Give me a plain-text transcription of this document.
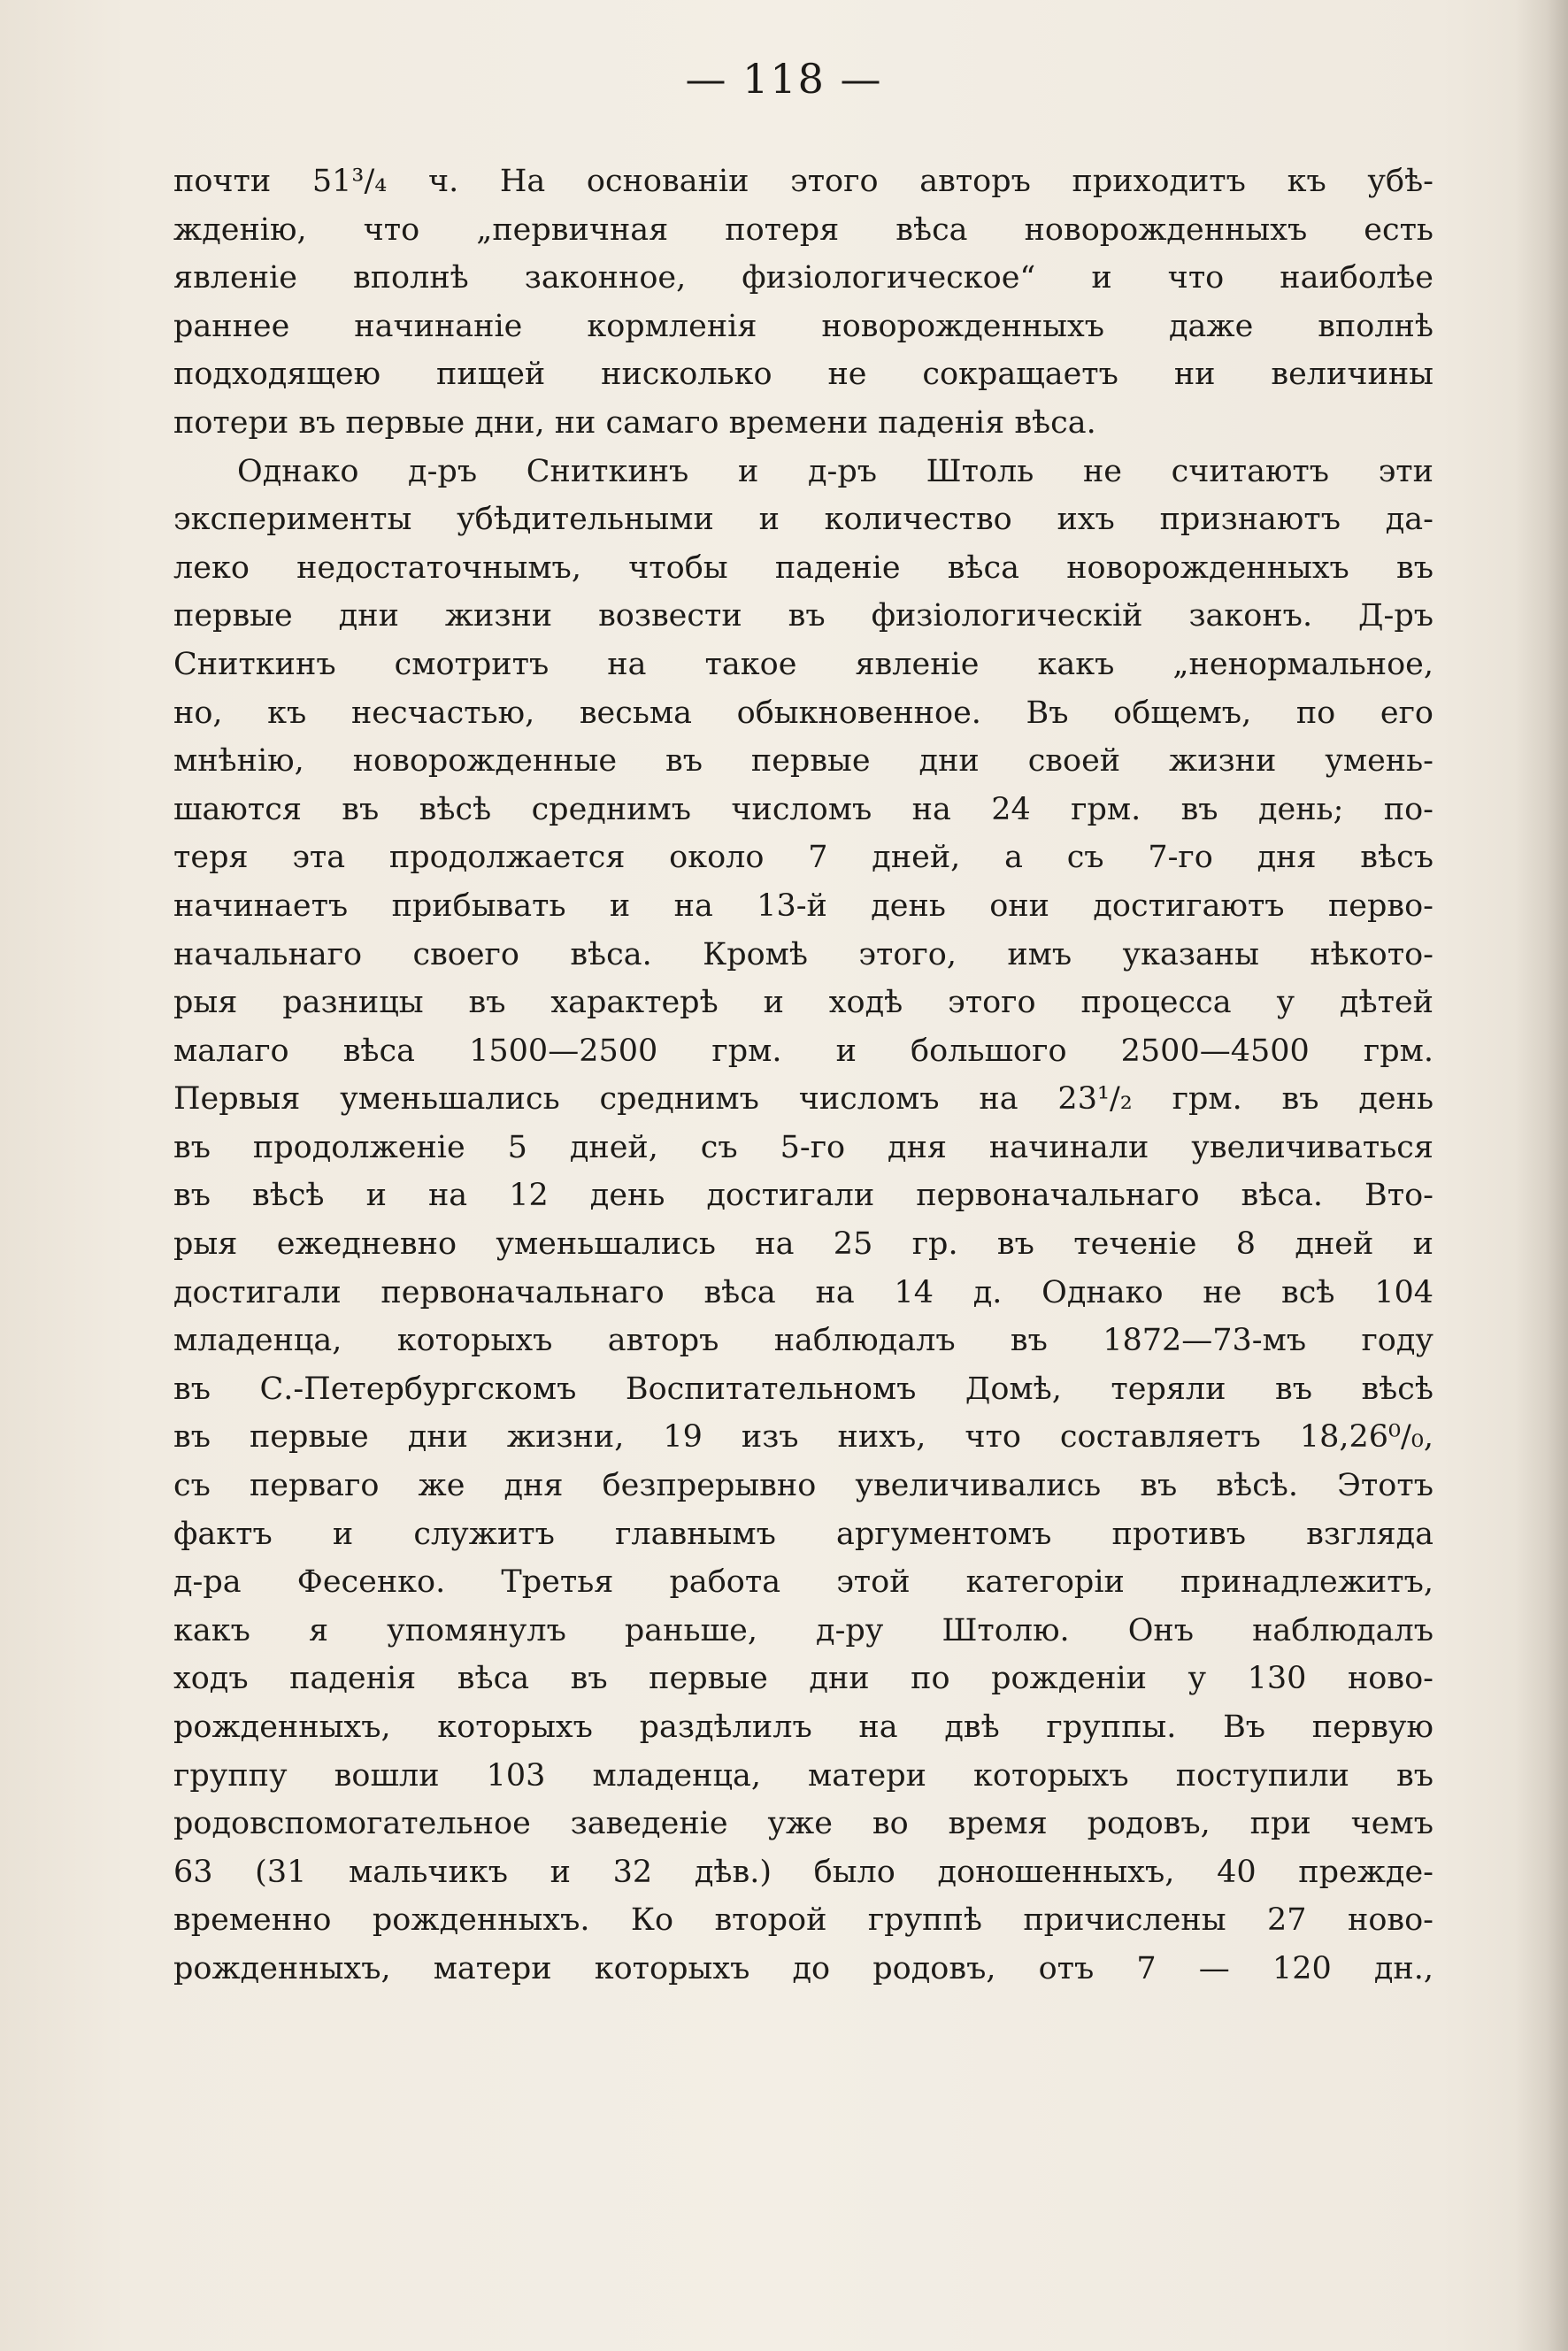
— 118 —
почти 51³/₄ ч. На основаніи этого авторъ приходитъ къ убѣ-
жденію, что „первичная потеря вѣса новорожденныхъ есть
явленіе вполнѣ законное, физіологическое“ и что наиболѣе
раннее начинаніе кормленія новорожденныхъ даже вполнѣ
подходящею пищей нисколько не сокращаетъ ни величины
потери въ первые дни, ни самаго времени паденія вѣса.
Однако д-ръ Сниткинъ и д-ръ Штоль не считаютъ эти
эксперименты убѣдительными и количество ихъ признаютъ да-
леко недостаточнымъ, чтобы паденіе вѣса новорожденныхъ въ
первые дни жизни возвести въ физіологическій законъ. Д-ръ
Сниткинъ смотритъ на такое явленіе какъ „ненормальное,
но, къ несчастью, весьма обыкновенное. Въ общемъ, по его
мнѣнію, новорожденные въ первые дни своей жизни умень-
шаются въ вѣсѣ среднимъ числомъ на 24 грм. въ день; по-
теря эта продолжается около 7 дней, а съ 7-го дня вѣсъ
начинаетъ прибывать и на 13-й день они достигаютъ перво-
начальнаго своего вѣса. Кромѣ этого, имъ указаны нѣкото-
рыя разницы въ характерѣ и ходѣ этого процесса у дѣтей
малаго вѣса 1500—2500 грм. и большого 2500—4500 грм.
Первыя уменьшались среднимъ числомъ на 23¹/₂ грм. въ день
въ продолженіе 5 дней, съ 5-го дня начинали увеличиваться
въ вѣсѣ и на 12 день достигали первоначальнаго вѣса. Вто-
рыя ежедневно уменьшались на 25 гр. въ теченіе 8 дней и
достигали первоначальнаго вѣса на 14 д. Однако не всѣ 104
младенца, которыхъ авторъ наблюдалъ въ 1872—73-мъ году
въ С.-Петербургскомъ Воспитательномъ Домѣ, теряли въ вѣсѣ
въ первые дни жизни, 19 изъ нихъ, что составляетъ 18,26⁰/₀,
съ перваго же дня безпрерывно увеличивались въ вѣсѣ. Этотъ
фактъ и служитъ главнымъ аргументомъ противъ взгляда
д-ра Фесенко. Третья работа этой категоріи принадлежитъ,
какъ я упомянулъ раньше, д-ру Штолю. Онъ наблюдалъ
ходъ паденія вѣса въ первые дни по рожденіи у 130 ново-
рожденныхъ, которыхъ раздѣлилъ на двѣ группы. Въ первую
группу вошли 103 младенца, матери которыхъ поступили въ
родовспомогательное заведеніе уже во время родовъ, при чемъ
63 (31 мальчикъ и 32 дѣв.) было доношенныхъ, 40 прежде-
временно рожденныхъ. Ко второй группѣ причислены 27 ново-
рожденныхъ, матери которыхъ до родовъ, отъ 7 — 120 дн.,
